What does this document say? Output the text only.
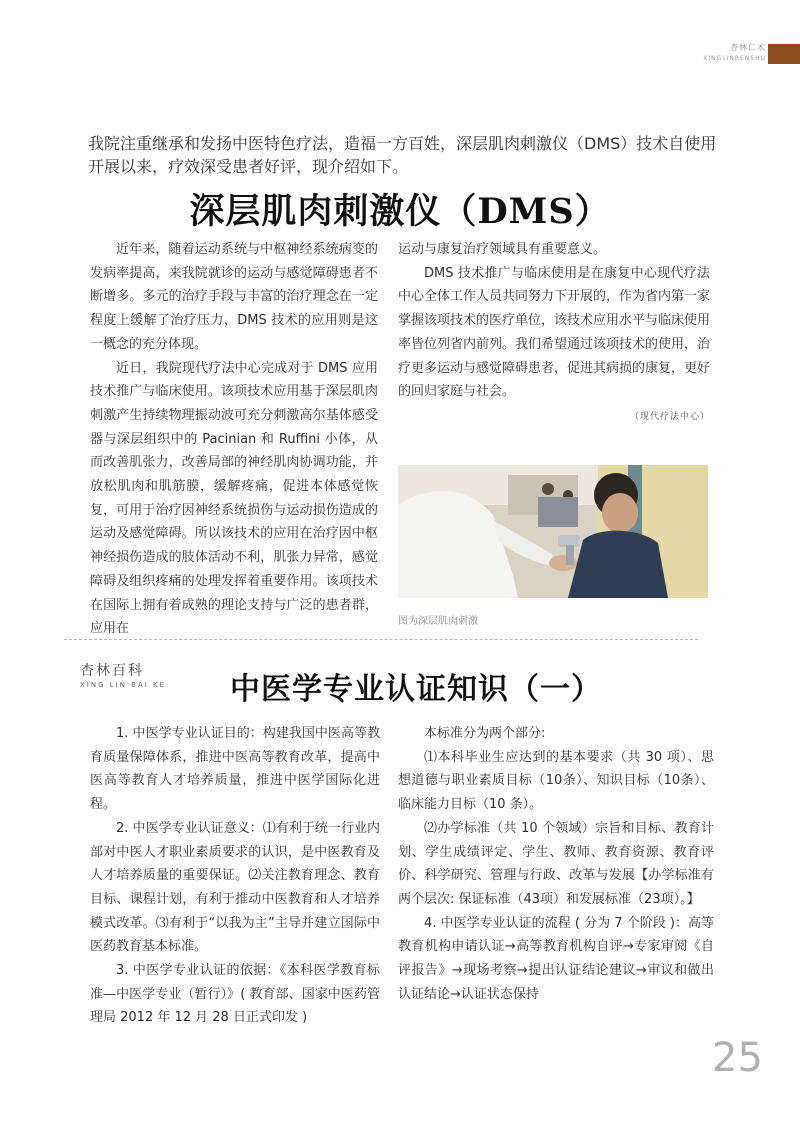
杏林仁术
XINGLINRENSHU

我院注重继承和发扬中医特色疗法，造福一方百姓，深层肌肉刺激仪（DMS）技术自使用开展以来，疗效深受患者好评，现介绍如下。

深层肌肉刺激仪（DMS）

近年来，随着运动系统与中枢神经系统病变的发病率提高，来我院就诊的运动与感觉障碍患者不断增多。多元的治疗手段与丰富的治疗理念在一定程度上缓解了治疗压力，DMS 技术的应用则是这一概念的充分体现。

近日，我院现代疗法中心完成对于 DMS 应用技术推广与临床使用。该项技术应用基于深层肌肉刺激产生持续物理振动波可充分刺激高尔基体感受器与深层组织中的 Pacinian 和 Ruffini 小体，从而改善肌张力，改善局部的神经肌肉协调功能，并放松肌肉和肌筋膜，缓解疼痛，促进本体感觉恢复，可用于治疗因神经系统损伤与运动损伤造成的运动及感觉障碍。所以该技术的应用在治疗因中枢神经损伤造成的肢体活动不利，肌张力异常，感觉障碍及组织疼痛的处理发挥着重要作用。该项技术在国际上拥有着成熟的理论支持与广泛的患者群，应用在

运动与康复治疗领域具有重要意义。

DMS 技术推广与临床使用是在康复中心现代疗法中心全体工作人员共同努力下开展的，作为省内第一家掌握该项技术的医疗单位，该技术应用水平与临床使用率皆位列省内前列。我们希望通过该项技术的使用，治疗更多运动与感觉障碍患者，促进其病损的康复，更好的回归家庭与社会。

（现代疗法中心）
图为深层肌肉刺激
杏林百科
XING LIN BAI KE 中医学专业认证知识（一）

1. 中医学专业认证目的：构建我国中医高等教育质量保障体系，推进中医高等教育改革，提高中医高等教育人才培养质量，推进中医学国际化进程。

2. 中医学专业认证意义：⑴有利于统一行业内部对中医人才职业素质要求的认识，是中医教育及人才培养质量的重要保证。⑵关注教育理念、教育目标、课程计划，有利于推动中医教育和人才培养模式改革。⑶有利于“以我为主”主导并建立国际中医药教育基本标准。

3. 中医学专业认证的依据：《本科医学教育标准—中医学专业（暂行）》( 教育部、国家中医药管理局 2012 年 12 月 28 日正式印发 )

本标准分为两个部分:

⑴本科毕业生应达到的基本要求（共 30 项）、思想道德与职业素质目标（10条）、知识目标（10条）、临床能力目标（10 条）。

⑵办学标准（共 10 个领域）宗旨和目标、教育计划、学生成绩评定、学生、教师、教育资源、教育评价、科学研究、管理与行政、改革与发展【办学标准有两个层次: 保证标准（43项）和发展标准（23项）。】

4. 中医学专业认证的流程 ( 分为 7 个阶段 )：高等教育机构申请认证→高等教育机构自评→专家审阅《自评报告》→现场考察→提出认证结论建议→审议和做出认证结论→认证状态保持

25
